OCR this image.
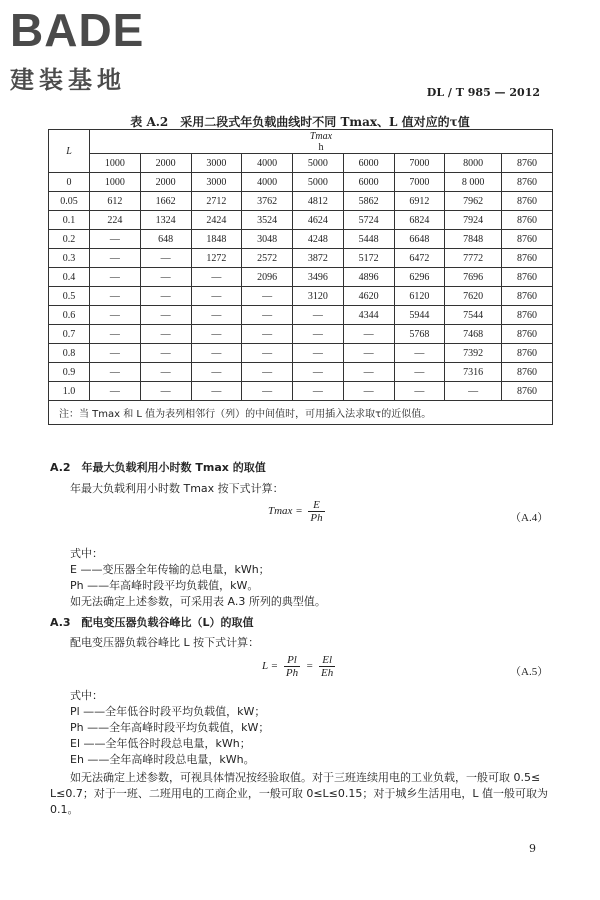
BADE
建装基地	DL / T 985 — 2012
表 A.2　采用二段式年负载曲线时不同 Tmax、L 值对应的τ值
L	Tmax
h								
	1000	2000	3000	4000	5000	6000	7000	8000	8760
0	1000	2000	3000	4000	5000	6000	7000	8 000	8760
0.05	612	1662	2712	3762	4812	5862	6912	7962	8760
0.1	224	1324	2424	3524	4624	5724	6824	7924	8760
0.2	—	648	1848	3048	4248	5448	6648	7848	8760
0.3	—	—	1272	2572	3872	5172	6472	7772	8760
0.4	—	—	—	2096	3496	4896	6296	7696	8760
0.5	—	—	—	—	3120	4620	6120	7620	8760
0.6	—	—	—	—	—	4344	5944	7544	8760
0.7	—	—	—	—	—	—	5768	7468	8760
0.8	—	—	—	—	—	—	—	7392	8760
0.9	—	—	—	—	—	—	—	7316	8760
1.0	—	—	—	—	—	—	—	—	8760
注：当 Tmax 和 L 值为表列相邻行（列）的中间值时，可用插入法求取τ的近似值。									
A.2　年最大负载利用小时数 Tmax 的取值
年最大负载利用小时数 Tmax 按下式计算：
$Tmax = \frac{E}{Ph}$	（A.4）
式中：
E ——变压器全年传输的总电量，kWh；
Ph ——年高峰时段平均负载值，kW。
如无法确定上述参数，可采用表 A.3 所列的典型值。
A.3　配电变压器负载谷峰比（L）的取值
配电变压器负载谷峰比 L 按下式计算：
$L = \frac{Pl}{Ph} = \frac{El}{Eh}$	（A.5）
式中：
Pl ——全年低谷时段平均负载值，kW；
Ph ——全年高峰时段平均负载值，kW；
El ——全年低谷时段总电量，kWh；
Eh ——全年高峰时段总电量，kWh。
如无法确定上述参数，可视具体情况按经验取值。对于三班连续用电的工业负载，一般可取 0.5≤
L≤0.7；对于一班、二班用电的工商企业，一般可取 0≤L≤0.15；对于城乡生活用电，L 值一般可取为
0.1。
9
